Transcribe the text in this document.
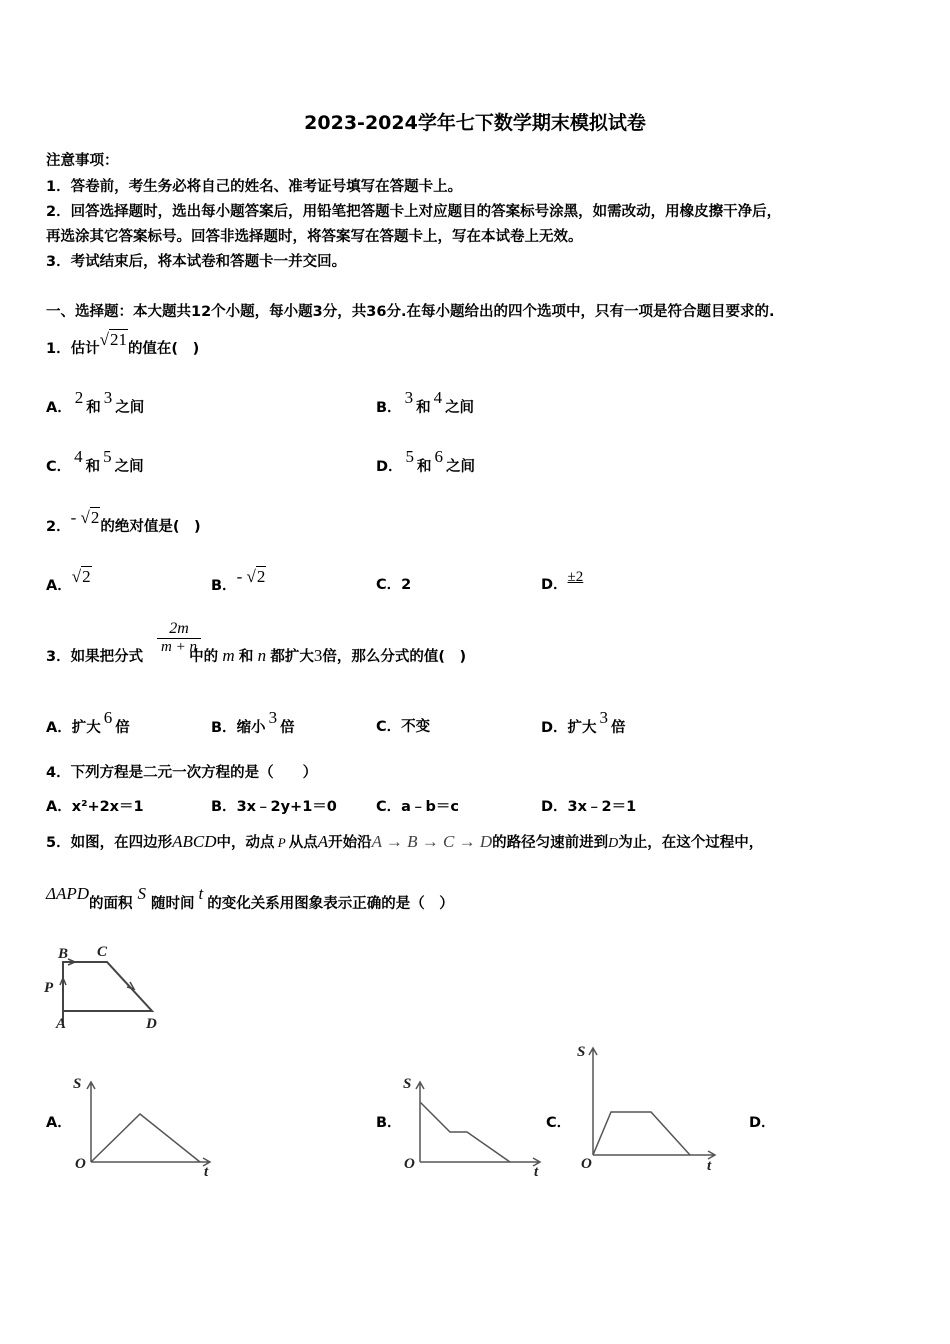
2023-2024学年七下数学期末模拟试卷
注意事项：
1．答卷前，考生务必将自己的姓名、准考证号填写在答题卡上。
2．回答选择题时，选出每小题答案后，用铅笔把答题卡上对应题目的答案标号涂黑，如需改动，用橡皮擦干净后，
再选涂其它答案标号。回答非选择题时，将答案写在答题卡上，写在本试卷上无效。
3．考试结束后，将本试卷和答题卡一并交回。
一、选择题：本大题共12个小题，每小题3分，共36分.在每小题给出的四个选项中，只有一项是符合题目要求的.
1．估计√21的值在(　)
A．2和3之间	B．3和4之间
C．4和5之间	D．5和6之间
2．- √2的绝对值是(　)
A．√2	B．- √2	C．2	D．±2
3．如果把分式	中的 m 和 n 都扩大3倍，那么分式的值(　)
$\frac{2m}{m + n}$
A．扩大6倍	B．缩小3倍	C．不变	D．扩大3倍
4．下列方程是二元一次方程的是（　　）
A．x²+2x＝1	B．3x﹣2y+1＝0	C．a﹣b＝c	D．3x﹣2＝1
5．如图，在四边形ABCD中，动点 P 从点A开始沿A → B → C → D的路径匀速前进到D为止，在这个过程中，
ΔAPD的面积S随时间t的变化关系用图象表示正确的是（　）
B C
P
A	D
A．
S
O	t
B．
S
O	t
C．
S
O	t
D．
